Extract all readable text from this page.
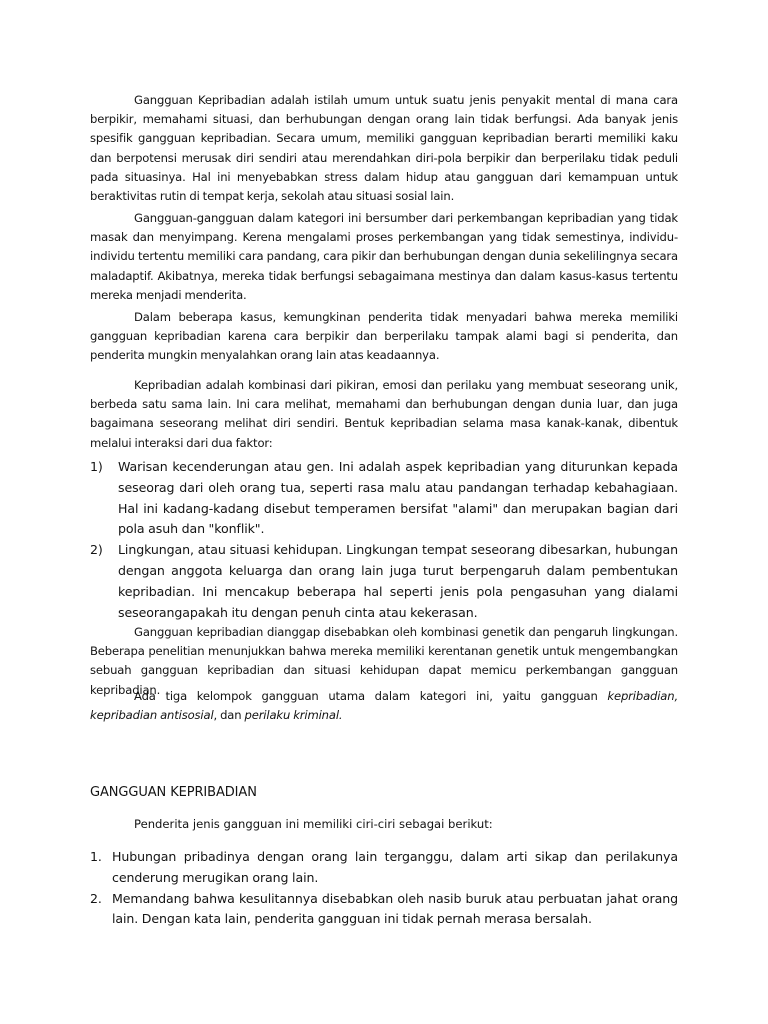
Gangguan Kepribadian adalah istilah umum untuk suatu jenis penyakit mental di mana cara berpikir, memahami situasi, dan berhubungan dengan orang lain tidak berfungsi. Ada banyak jenis spesifik gangguan kepribadian. Secara umum, memiliki gangguan kepribadian berarti memiliki kaku dan berpotensi merusak diri sendiri atau merendahkan diri-pola berpikir dan berperilaku tidak peduli pada situasinya. Hal ini menyebabkan stress dalam hidup atau gangguan dari kemampuan untuk beraktivitas rutin di tempat kerja, sekolah atau situasi sosial lain.

Gangguan-gangguan dalam kategori ini bersumber dari perkembangan kepribadian yang tidak masak dan menyimpang. Kerena mengalami proses perkembangan yang tidak semestinya, individu-individu tertentu memiliki cara pandang, cara pikir dan berhubungan dengan dunia sekelilingnya secara maladaptif. Akibatnya, mereka tidak berfungsi sebagaimana mestinya dan dalam kasus-kasus tertentu mereka menjadi menderita.

Dalam beberapa kasus, kemungkinan penderita tidak menyadari bahwa mereka memiliki gangguan kepribadian karena cara berpikir dan berperilaku tampak alami bagi si penderita, dan penderita mungkin menyalahkan orang lain atas keadaannya.

Kepribadian adalah kombinasi dari pikiran, emosi dan perilaku yang membuat seseorang unik, berbeda satu sama lain. Ini cara melihat, memahami dan berhubungan dengan dunia luar, dan juga bagaimana seseorang melihat diri sendiri. Bentuk kepribadian selama masa kanak-kanak, dibentuk melalui interaksi dari dua faktor:

1)	Warisan kecenderungan atau gen. Ini adalah aspek kepribadian yang diturunkan kepada seseorag dari oleh orang tua, seperti rasa malu atau pandangan terhadap kebahagiaan. Hal ini kadang-kadang disebut temperamen bersifat "alami" dan merupakan bagian dari pola asuh dan "konflik".
2)	Lingkungan, atau situasi kehidupan. Lingkungan tempat seseorang dibesarkan, hubungan dengan anggota keluarga dan orang lain juga turut berpengaruh dalam pembentukan kepribadian. Ini mencakup beberapa hal seperti jenis pola pengasuhan yang dialami seseorangapakah itu dengan penuh cinta atau kekerasan.

Gangguan kepribadian dianggap disebabkan oleh kombinasi genetik dan pengaruh lingkungan. Beberapa penelitian menunjukkan bahwa mereka memiliki kerentanan genetik untuk mengembangkan sebuah gangguan kepribadian dan situasi kehidupan dapat memicu perkembangan gangguan kepribadian.

Ada tiga kelompok gangguan utama dalam kategori ini, yaitu gangguan kepribadian, kepribadian antisosial, dan perilaku kriminal.

GANGGUAN KEPRIBADIAN

Penderita jenis gangguan ini memiliki ciri-ciri sebagai berikut:

1. Hubungan pribadinya dengan orang lain terganggu, dalam arti sikap dan perilakunya cenderung merugikan orang lain.
2. Memandang bahwa kesulitannya disebabkan oleh nasib buruk atau perbuatan jahat orang lain. Dengan kata lain, penderita gangguan ini tidak pernah merasa bersalah.
